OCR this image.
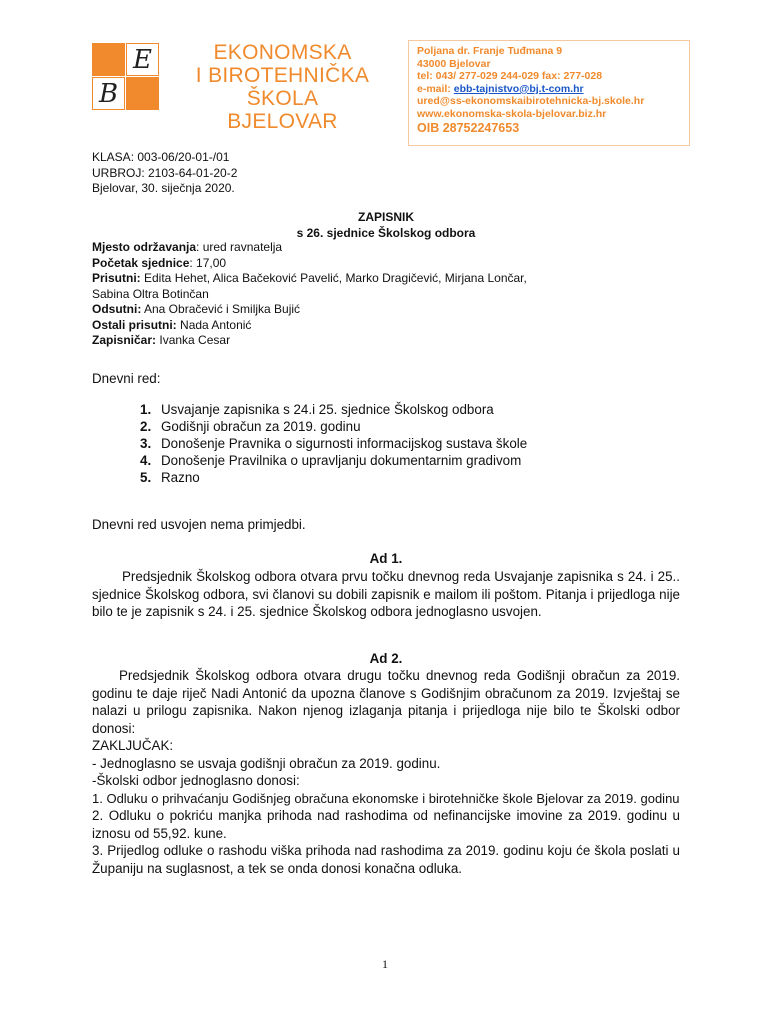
E
B
EKONOMSKA
I BIROTEHNIČKA ŠKOLA
BJELOVAR
Poljana dr. Franje Tuđmana 9
43000 Bjelovar
tel: 043/ 277-029 244-029 fax: 277-028
e-mail: ebb-tajnistvo@bj.t-com.hr
ured@ss-ekonomskaibirotehnicka-bj.skole.hr
www.ekonomska-skola-bjelovar.biz.hr
OIB 28752247653
KLASA: 003-06/20-01-/01
URBROJ: 2103-64-01-20-2
Bjelovar, 30. siječnja 2020.
ZAPISNIK
s 26. sjednice Školskog odbora
Mjesto održavanja: ured ravnatelja
Početak sjednice: 17,00
Prisutni: Edita Hehet, Alica Bačeković Pavelić, Marko Dragičević, Mirjana Lončar,
Sabina Oltra Botinčan
Odsutni: Ana Obračević i Smiljka Bujić
Ostali prisutni: Nada Antonić
Zapisničar: Ivanka Cesar
Dnevni red:
1. Usvajanje zapisnika s 24.i 25. sjednice Školskog odbora
2. Godišnji obračun za 2019. godinu
3. Donošenje Pravnika o sigurnosti informacijskog sustava škole
4. Donošenje Pravilnika o upravljanju dokumentarnim gradivom
5. Razno
Dnevni red usvojen nema primjedbi.
Ad 1.
Predsjednik Školskog odbora otvara prvu točku dnevnog reda Usvajanje zapisnika s 24. i 25.. sjednice Školskog odbora, svi članovi su dobili zapisnik e mailom ili poštom. Pitanja i prijedloga nije bilo te je zapisnik s 24. i 25. sjednice Školskog odbora jednoglasno usvojen.
Ad 2.
Predsjednik Školskog odbora otvara drugu točku dnevnog reda Godišnji obračun za 2019. godinu te daje riječ Nadi Antonić da upozna članove s Godišnjim obračunom za 2019. Izvještaj se nalazi u prilogu zapisnika. Nakon njenog izlaganja pitanja i prijedloga nije bilo te Školski odbor donosi:
ZAKLJUČAK:
- Jednoglasno se usvaja godišnji obračun za 2019. godinu.
-Školski odbor jednoglasno donosi:
1. Odluku o prihvaćanju Godišnjeg obračuna ekonomske i birotehničke škole Bjelovar za 2019. godinu
2. Odluku o pokriću manjka prihoda nad rashodima od nefinancijske imovine za 2019. godinu u iznosu od 55,92. kune.
3. Prijedlog odluke o rashodu viška prihoda nad rashodima za 2019. godinu koju će škola poslati u Županiju na suglasnost, a tek se onda donosi konačna odluka.
1
